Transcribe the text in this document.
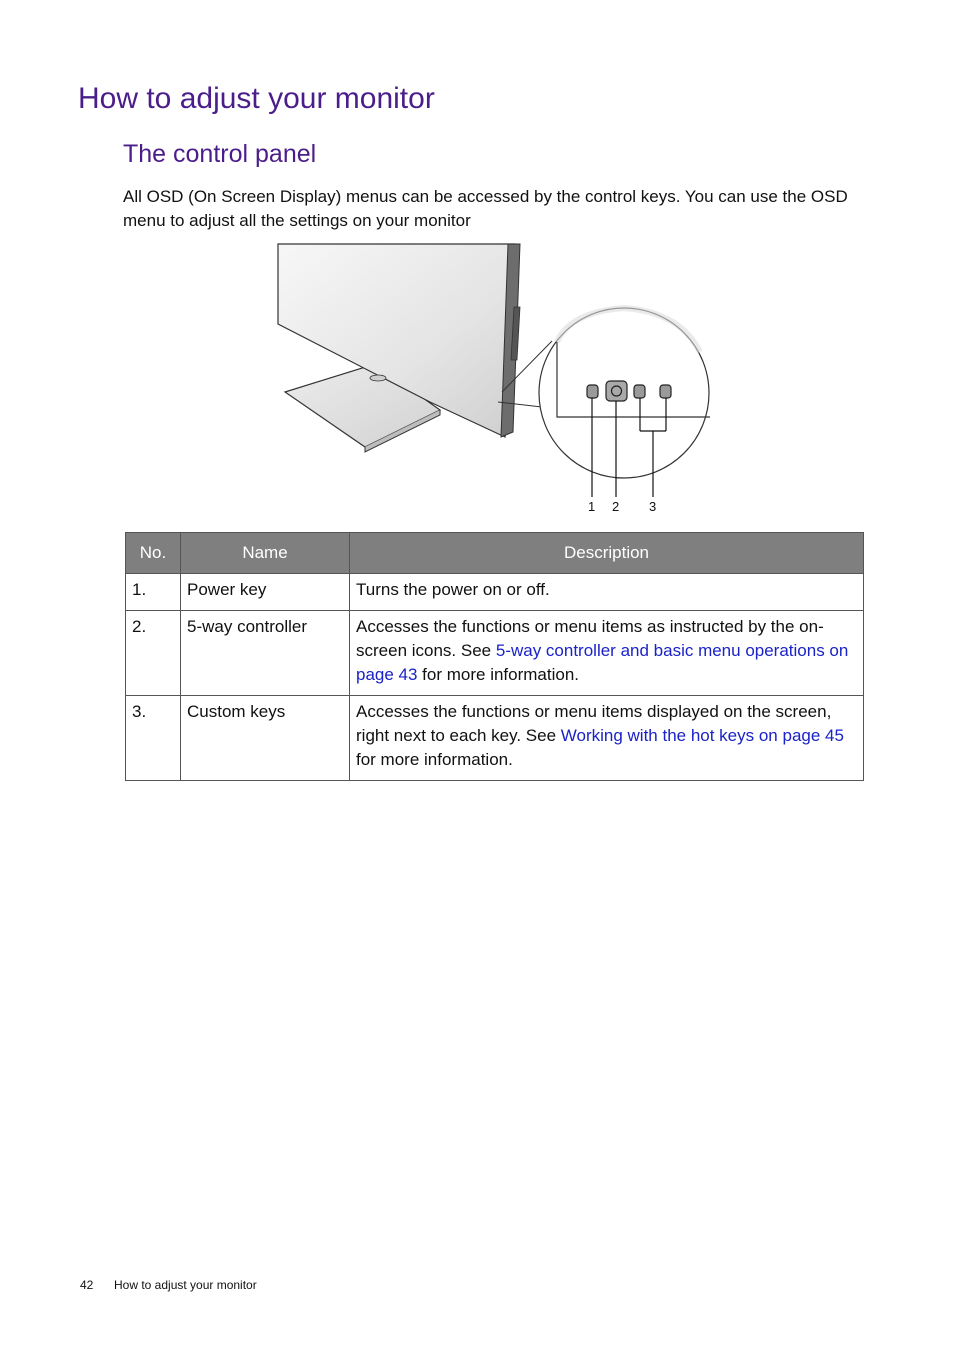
How to adjust your monitor
The control panel

All OSD (On Screen Display) menus can be accessed by the control keys. You can use the OSD menu to adjust all the settings on your monitor

1 2 3
No.	Name	Description
1.	Power key	Turns the power on or off.
2.	5-way controller	Accesses the functions or menu items as instructed by the on-screen icons. See 5-way controller and basic menu operations on page 43 for more information.
3.	Custom keys	Accesses the functions or menu items displayed on the screen, right next to each key. See Working with the hot keys on page 45 for more information.
42 How to adjust your monitor
